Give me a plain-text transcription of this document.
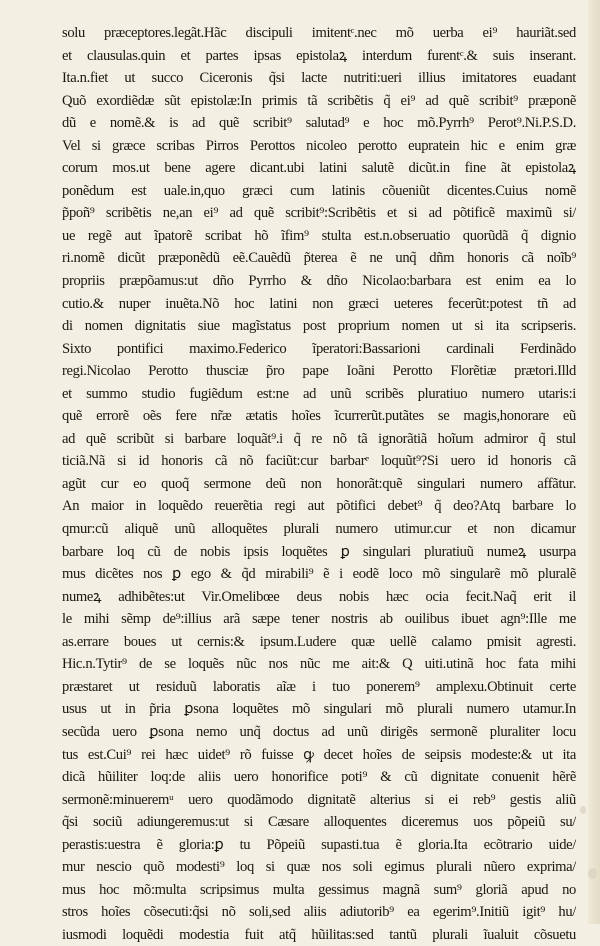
solu præceptores.legãt.Hãc discipuli imitentᶜ.nec mõ uerba ei⁹ hauriãt.sed
et clausulas.quin et partes ipsas epistolaꝝ interdum furentᶜ.& suis inserant.
Ita.n.fiet ut succo Ciceronis q̃si lacte nutriti:ueri illius imitatores euadant
Quõ exordiẽdæ sũt epistolæ:In primis tã scribẽtis q̃ ei⁹ ad quẽ scribit⁹ præponẽ
dũ e nomẽ.& is ad quẽ scribit⁹ salutad⁹ e hoc mõ.Pyrrh⁹ Perot⁹.Ni.P.S.D.
Vel si græce scribas Pirros Perottos nicoleo perotto eupratein hic e enim græ
corum mos.ut bene agere dicant.ubi latini salutẽ dicũt.in fine ãt epistolaꝝ
ponẽdum est uale.in,quo græci cum latinis cõueniũt dicentes.Cuius nomẽ
p̃poñ⁹ scribẽtis ne,an ei⁹ ad quẽ scribit⁹:Scribẽtis et si ad põtificẽ maximũ si/
ue regẽ aut ĩpatorẽ scribat hõ ĩfim⁹ stulta est.n.obseruatio quorũdã q̃ dignio
ri.nomẽ dicũt præponẽdũ eẽ.Cauẽdũ p̃terea ẽ ne unq̃ dñm honoris cã noĩb⁹
propriis præpõamus:ut dño Pyrrho & dño Nicolao:barbara est enim ea lo
cutio.& nuper inuẽta.Nõ hoc latini non græci ueteres fecerũt:potest tñ ad
di nomen dignitatis siue magĩstatus post proprium nomen ut si ita scripseris.
Sixto pontifici maximo.Federico ĩperatori:Bassarioni cardinali Ferdinãdo
regi.Nicolao Perotto thusciæ p̃ro pape Ioãni Perotto Florẽtiæ prætori.Illd
et summo studio fugiẽdum est:ne ad unũ scribẽs pluratiuo numero utaris:i
quẽ errorẽ oẽs fere nr̃æ ætatis hoĩes ĩcurrerũt.putãtes se magis,honorare eũ
ad quẽ scribũt si barbare loquãt⁹.i q̃ re nõ tã ignorãtiã hoĩum admiror q̃ stul
ticiã.Nã si id honoris cã nõ faciũt:cur barbarᵉ loquũt⁹?Si uero id honoris cã
agũt cur eo quoq̃ sermone deũ non honorãt:quẽ singulari numero affãtur.
An maior in loquẽdo reuerẽtia regi aut põtifici debet⁹ q̃ deo?Atq barbare lo
qmur:cũ aliquẽ unũ alloquẽtes plurali numero utimur.cur et non dicamur
barbare loq cũ de nobis ipsis loquẽtes ꝑ singulari pluratiuũ numeꝝ usurpa
mus dicẽtes nos ꝑ ego & q̃d mirabili⁹ ẽ i eodẽ loco mõ singularẽ mõ pluralẽ
numeꝝ adhibẽtes:ut Vir.Omelibœe deus nobis hæc ocia fecit.Naq̃ erit il
le mihi sẽmp de⁹:illius arã sæpe tener nostris ab ouilibus ibuet agn⁹:Ille me
as.errare boues ut cernis:& ipsum.Ludere quæ uellẽ calamo pmisit agresti.
Hic.n.Tytir⁹ de se loquẽs nũc nos nũc me ait:& Q uiti.utinã hoc fata mihi
præstaret ut residuũ laboratis aĩæ i tuo ponerem⁹ amplexu.Obtinuit certe
usus ut in p̃ria ꝑsona loquẽtes mõ singulari mõ plurali numero utamur.In
secũda uero ꝑsona nemo unq̃ doctus ad unũ dirigẽs sermonẽ pluraliter locu
tus est.Cui⁹ rei hæc uidet⁹ rõ fuisse ꝙ decet hoĩes de seipsis modeste:& ut ita
dicã hũiliter loq:de aliis uero honorifice poti⁹ & cũ dignitate conuenit hẽrẽ
sermonẽ:minueremᵘ uero quodãmodo dignitatẽ alterius si ei reb⁹ gestis aliũ
q̃si sociũ adiungeremus:ut si Cæsare alloquentes diceremus uos põpeiũ su/
perastis:uestra ẽ gloria:ꝑ tu Põpeiũ supasti.tua ẽ gloria.Ita ecõtrario uide/
mur nescio quõ modesti⁹ loq si quæ nos soli egimus plurali nũero exprima/
mus hoc mõ:multa scripsimus multa gessimus magnã sum⁹ gloriã apud no
stros hoĩes cõsecuti:q̃si nõ soli,sed aliis adiutorib⁹ ea egerim⁹.Initiũ igit⁹ hu/
iusmodi loquẽdi modestia fuit atq̃ hũilitas:sed tantũ plurali ĩualuit cõsuetu
